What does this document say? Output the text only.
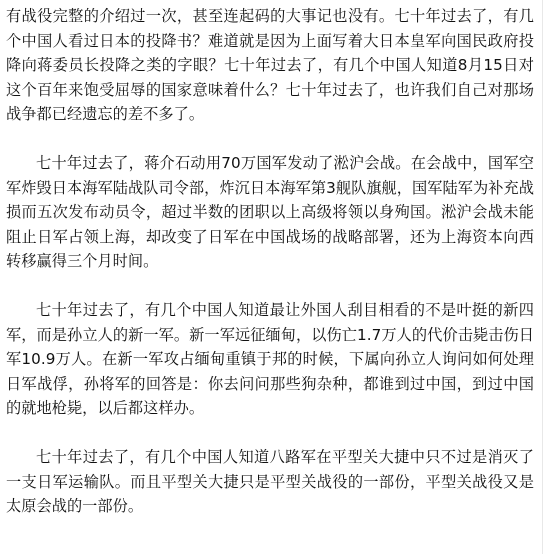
有战役完整的介绍过一次，甚至连起码的大事记也没有。七十年过去了，有几个中国人看过日本的投降书？难道就是因为上面写着大日本皇军向国民政府投降向蒋委员长投降之类的字眼？七十年过去了，有几个中国人知道8月15日对这个百年来饱受屈辱的国家意味着什么？七十年过去了，也许我们自己对那场战争都已经遗忘的差不多了。

七十年过去了，蒋介石动用70万国军发动了淞沪会战。在会战中，国军空军炸毁日本海军陆战队司令部，炸沉日本海军第3舰队旗舰，国军陆军为补充战损而五次发布动员令，超过半数的团职以上高级将领以身殉国。淞沪会战未能阻止日军占领上海，却改变了日军在中国战场的战略部署，还为上海资本向西转移赢得三个月时间。

七十年过去了，有几个中国人知道最让外国人刮目相看的不是叶挺的新四军，而是孙立人的新一军。新一军远征缅甸，以伤亡1.7万人的代价击毙击伤日军10.9万人。在新一军攻占缅甸重镇于邦的时候，下属向孙立人询问如何处理日军战俘，孙将军的回答是：你去问问那些狗杂种，都谁到过中国，到过中国的就地枪毙，以后都这样办。

七十年过去了，有几个中国人知道八路军在平型关大捷中只不过是消灭了一支日军运输队。而且平型关大捷只是平型关战役的一部份，平型关战役又是太原会战的一部份。
